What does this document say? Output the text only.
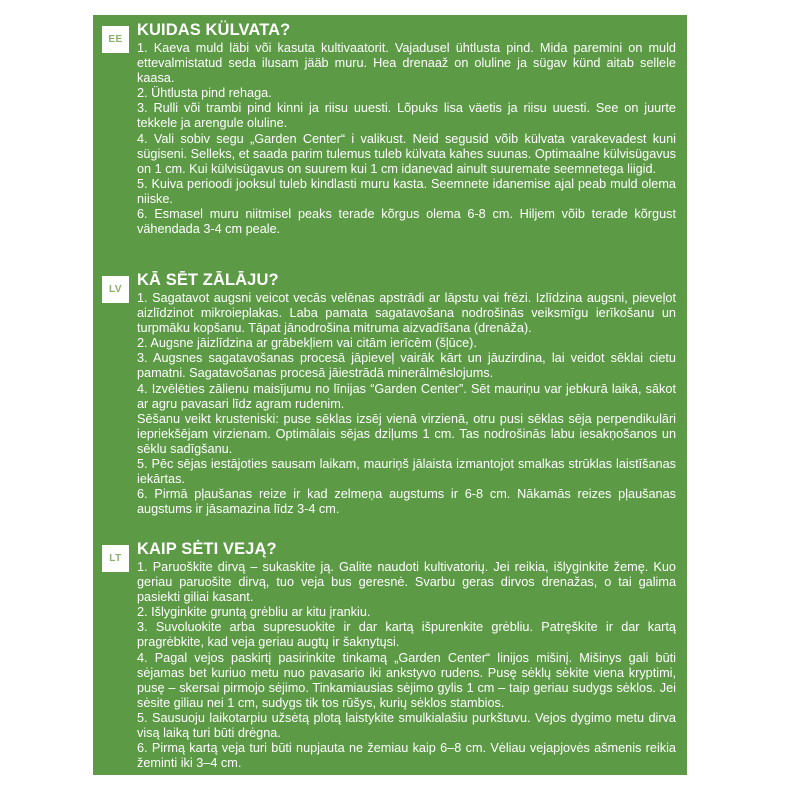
EE
KUIDAS KÜLVATA?

1. Kaeva muld läbi või kasuta kultivaatorit. Vajadusel ühtlusta pind. Mida paremini on muld ettevalmistatud seda ilusam jääb muru. Hea drenaaž on oluline ja sügav künd aitab sellele kaasa.

2. Ühtlusta pind rehaga.

3. Rulli või trambi pind kinni ja riisu uuesti. Lõpuks lisa väetis ja riisu uuesti. See on juurte tekkele ja arengule oluline.

4. Vali sobiv segu „Garden Center“ i valikust. Neid segusid võib külvata varakevadest kuni sügiseni. Selleks, et saada parim tulemus tuleb külvata kahes suunas. Optimaalne külvisügavus on 1 cm. Kui külvisügavus on suurem kui 1 cm idanevad ainult suuremate seemnetega liigid.

5. Kuiva perioodi jooksul tuleb kindlasti muru kasta. Seemnete idanemise ajal peab muld olema niiske.

6. Esmasel muru niitmisel peaks terade kõrgus olema 6-8 cm. Hiljem võib terade kõrgust vähendada 3-4 cm peale.

LV
KĀ SĒT ZĀLĀJU?

1. Sagatavot augsni veicot vecās velēnas apstrādi ar lāpstu vai frēzi. Izlīdzina augsni, pieveļot aizlīdzinot mikroieplakas. Laba pamata sagatavošana nodrošinās veiksmīgu ierīkošanu un turpmāku kopšanu. Tāpat jānodrošina mitruma aizvadīšana (drenāža).

2. Augsne jāizlīdzina ar grābekļiem vai citām ierīcēm (šļūce).

3. Augsnes sagatavošanas procesā jāpieveļ vairāk kārt un jāuzirdina, lai veidot sēklai cietu pamatni. Sagatavošanas procesā jāiestrādā minerālmēslojums.

4. Izvēlēties zālienu maisījumu no līnijas “Garden Center”. Sēt mauriņu var jebkurā laikā, sākot ar agru pavasari līdz agram rudenim.

Sēšanu veikt krusteniski: puse sēklas izsēj vienā virzienā, otru pusi sēklas sēja perpendikulāri iepriekšējam virzienam. Optimālais sējas dziļums 1 cm. Tas nodrošinās labu iesakņošanos un sēklu sadīgšanu.

5. Pēc sējas iestājoties sausam laikam, mauriņš jālaista izmantojot smalkas strūklas laistīšanas iekārtas.

6. Pirmā pļaušanas reize ir kad zelmeņa augstums ir 6-8 cm. Nākamās reizes pļaušanas augstums ir jāsamazina līdz 3-4 cm.

LT
KAIP SĖTI VEJĄ?

1. Paruoškite dirvą – sukaskite ją. Galite naudoti kultivatorių. Jei reikia, išlyginkite žemę. Kuo geriau paruošite dirvą, tuo veja bus geresnė. Svarbu geras dirvos drenažas, o tai galima pasiekti giliai kasant.

2. Išlyginkite gruntą grėbliu ar kitu įrankiu.

3. Suvoluokite arba supresuokite ir dar kartą išpurenkite grėbliu. Patręškite ir dar kartą pragrėbkite, kad veja geriau augtų ir šaknytųsi.

4. Pagal vejos paskirtį pasirinkite tinkamą „Garden Center“ linijos mišinį. Mišinys gali būti sėjamas bet kuriuo metu nuo pavasario iki ankstyvo rudens. Pusę sėklų sėkite viena kryptimi, pusę – skersai pirmojo sėjimo. Tinkamiausias sėjimo gylis 1 cm – taip geriau sudygs sėklos. Jei sėsite giliau nei 1 cm, sudygs tik tos rūšys, kurių sėklos stambios.

5. Sausuoju laikotarpiu užsėtą plotą laistykite smulkialašiu purkštuvu. Vejos dygimo metu dirva visą laiką turi būti drėgna.

6. Pirmą kartą veja turi būti nupjauta ne žemiau kaip 6–8 cm. Vėliau vejapjovės ašmenis reikia žeminti iki 3–4 cm.
